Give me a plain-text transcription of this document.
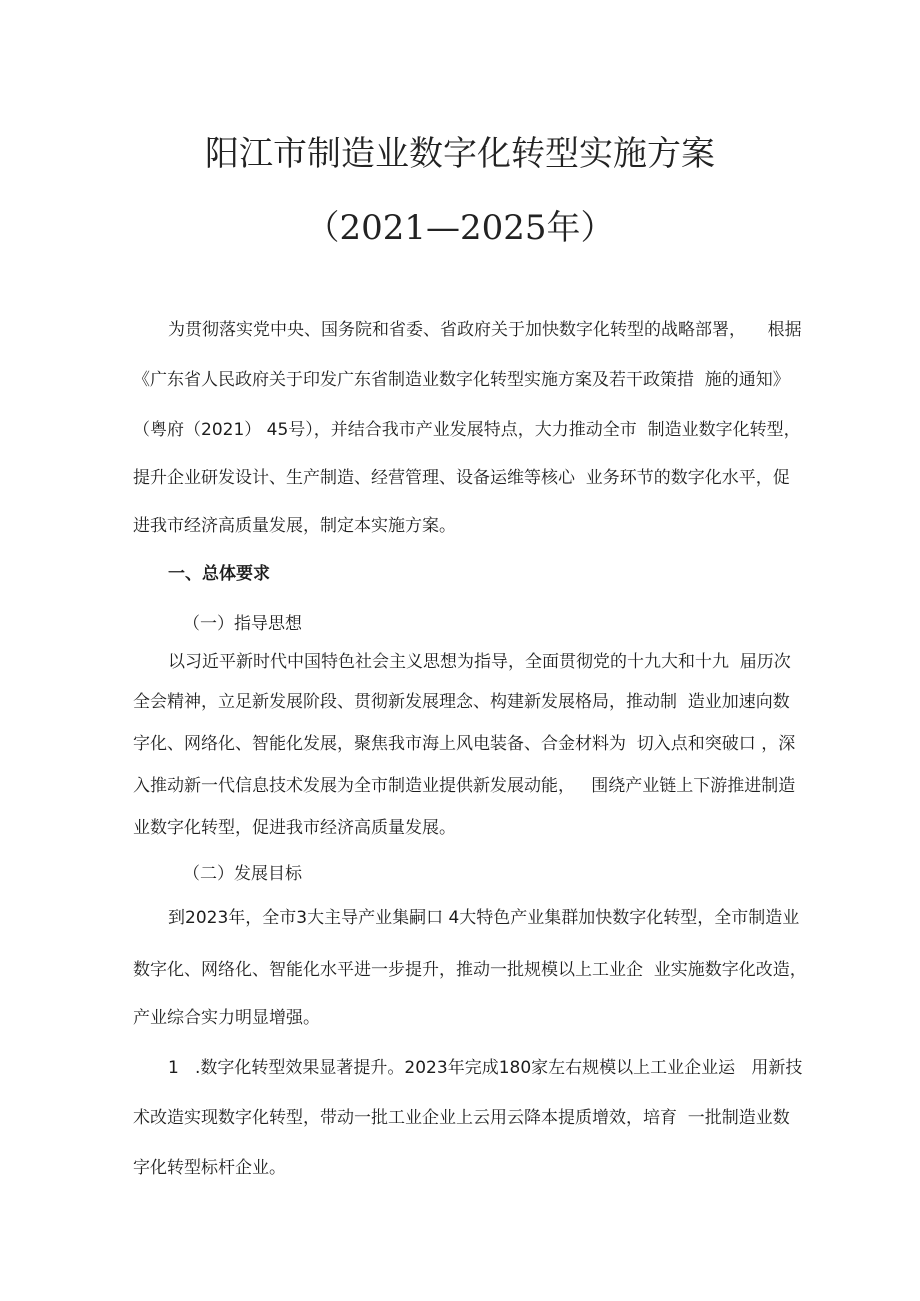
阳江市制造业数字化转型实施方案
（2021—2025年）
为贯彻落实党中央、国务院和省委、省政府关于加快数字化转型的战略部署，    根据
《广东省人民政府关于印发广东省制造业数字化转型实施方案及若干政策措  施的通知》
（粤府（2021） 45号），并结合我市产业发展特点，大力推动全市  制造业数字化转型，
提升企业研发设计、生产制造、经营管理、设备运维等核心  业务环节的数字化水平，促
进我市经济高质量发展，制定本实施方案。
一、总体要求
（一）指导思想
以习近平新时代中国特色社会主义思想为指导，全面贯彻党的十九大和十九  届历次
全会精神，立足新发展阶段、贯彻新发展理念、构建新发展格局，推动制  造业加速向数
字化、网络化、智能化发展，聚焦我市海上风电装备、合金材料为  切入点和突破口 ，深
入推动新一代信息技术发展为全市制造业提供新发展动能，   围绕产业链上下游推进制造
业数字化转型，促进我市经济高质量发展。
（二）发展目标
到2023年，全市3大主导产业集嗣口 4大特色产业集群加快数字化转型，全市制造业
数字化、网络化、智能化水平进一步提升，推动一批规模以上工业企  业实施数字化改造，
产业综合实力明显增强。
1   .数字化转型效果显著提升。2023年完成180家左右规模以上工业企业运   用新技
术改造实现数字化转型，带动一批工业企业上云用云降本提质增效，培育  一批制造业数
字化转型标杆企业。
